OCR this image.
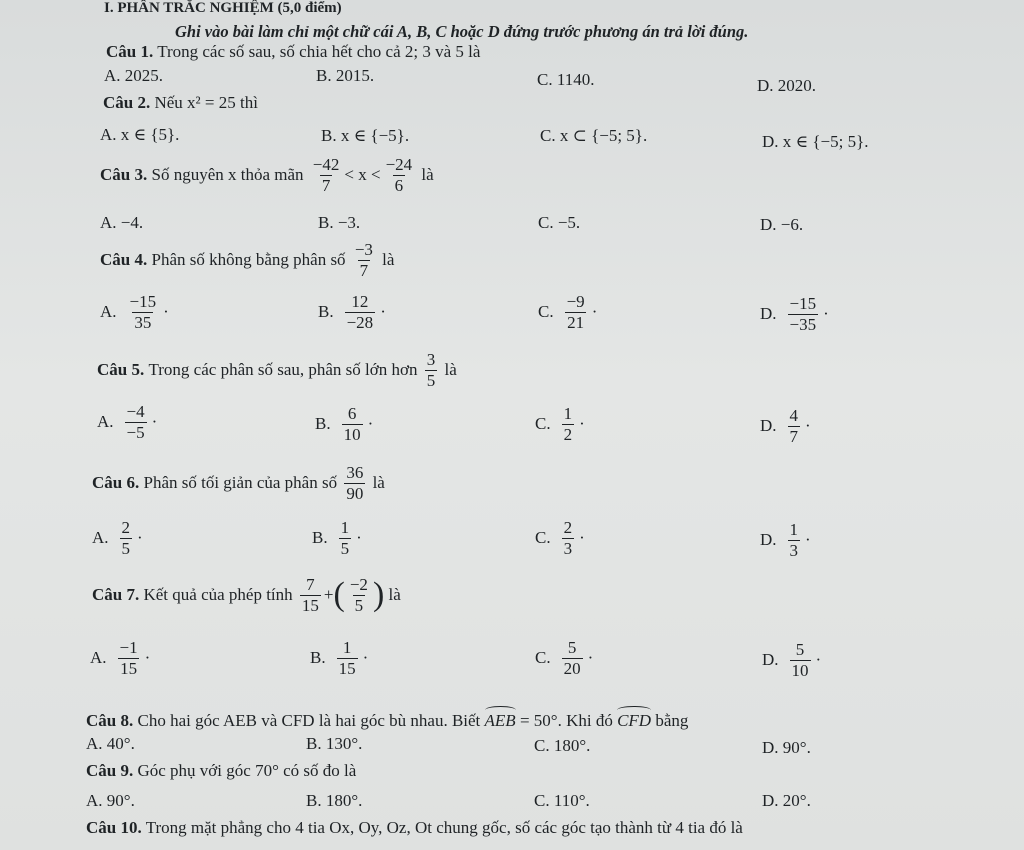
I. PHẦN TRẮC NGHIỆM (5,0 điểm)
Ghi vào bài làm chỉ một chữ cái A, B, C hoặc D đứng trước phương án trả lời đúng.
Câu 1. Trong các số sau, số chia hết cho cả 2; 3 và 5 là
A. 2025.	B. 2015.	C. 1140.	D. 2020.
Câu 2. Nếu x² = 25 thì
A. x ∈ {5}.	B. x ∈ {−5}.	C. x ⊂ {−5; 5}.	D. x ∈ {−5; 5}.
Câu 3.
Số nguyên x thỏa mãn
$\frac{-42}{7} < x < \frac{-24}{6}$
là
A. −4.	B. −3.	C. −5.	D. −6.
Câu 4.
Phân số không bằng phân số
$\frac{-3}{7}$
là
A. $\frac{-15}{35}$ ·	B. $\frac{12}{-28}$ ·	C. $\frac{-9}{21}$ ·	D. $\frac{-15}{-35}$ ·
Câu 5.
Trong các phân số sau, phân số lớn hơn
$\frac{3}{5}$
là
A. $\frac{-4}{-5}$ ·	B. $\frac{6}{10}$ ·	C. $\frac{1}{2}$ ·	D. $\frac{4}{7}$ ·
Câu 6.
Phân số tối giản của phân số
$\frac{36}{90}$
là
A. $\frac{2}{5}$ ·	B. $\frac{1}{5}$ ·	C. $\frac{2}{3}$ ·	D. $\frac{1}{3}$ ·
Câu 7.
Kết quả của phép tính
$\frac{7}{15}$ + ( $\frac{-2}{5}$ )
là
A. $\frac{-1}{15}$ ·	B. $\frac{1}{15}$ ·	C. $\frac{5}{20}$ ·	D. $\frac{5}{10}$ ·
Câu 8. Cho hai góc AEB và CFD là hai góc bù nhau. Biết AEB = 50°. Khi đó CFD bằng
A. 40°.	B. 130°.	C. 180°.	D. 90°.
Câu 9. Góc phụ với góc 70° có số đo là
A. 90°.	B. 180°.	C. 110°.	D. 20°.
Câu 10. Trong mặt phẳng cho 4 tia Ox, Oy, Oz, Ot chung gốc, số các góc tạo thành từ 4 tia đó là
